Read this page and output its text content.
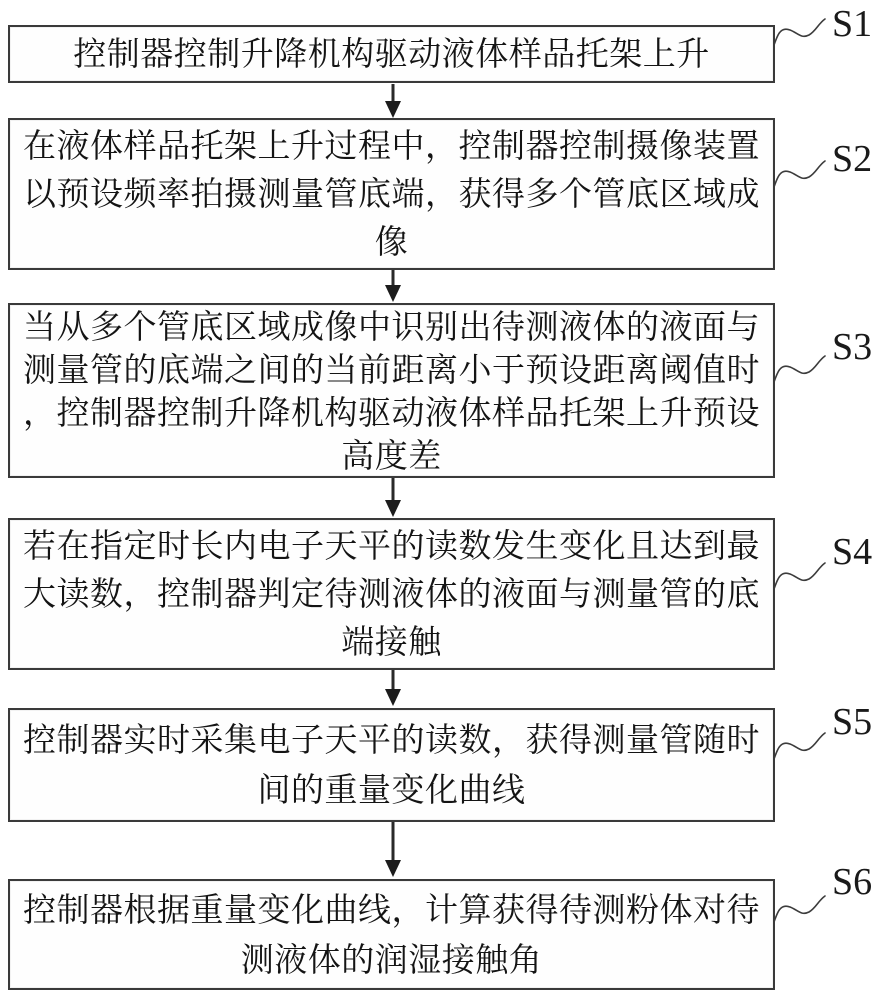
控制器控制升降机构驱动液体样品托架上升
S1
在液体样品托架上升过程中，控制器控制摄像装置
以预设频率拍摄测量管底端，获得多个管底区域成
像
S2
当从多个管底区域成像中识别出待测液体的液面与
测量管的底端之间的当前距离小于预设距离阈值时
，控制器控制升降机构驱动液体样品托架上升预设
高度差
S3
若在指定时长内电子天平的读数发生变化且达到最
大读数，控制器判定待测液体的液面与测量管的底
端接触
S4
控制器实时采集电子天平的读数，获得测量管随时
间的重量变化曲线
S5
控制器根据重量变化曲线，计算获得待测粉体对待
测液体的润湿接触角
S6
